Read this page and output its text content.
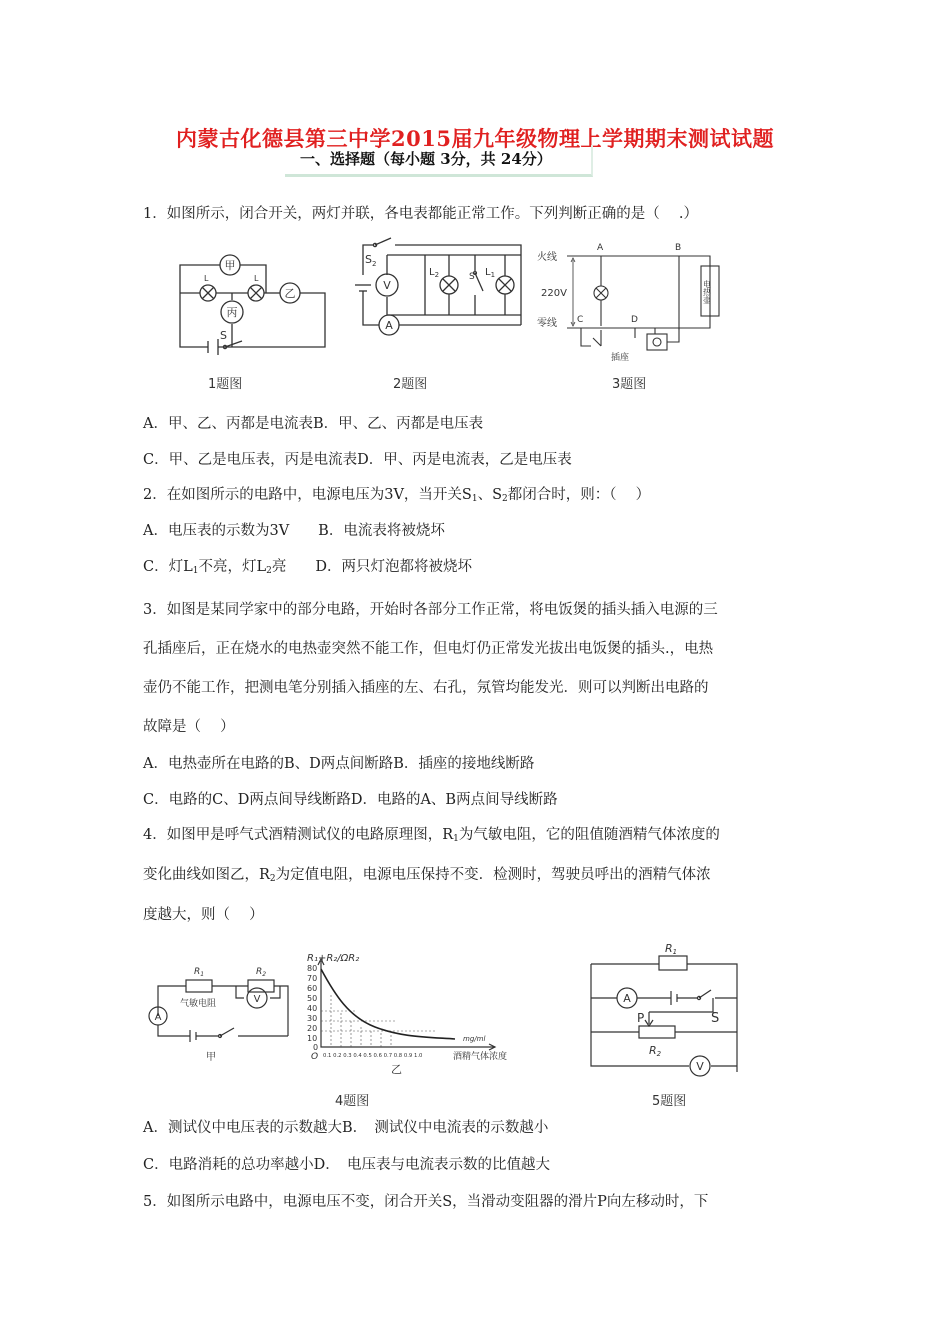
内蒙古化德县第三中学2015届九年级物理上学期期末测试试题
一、选择题（每小题 3分，共 24分）
1．如图所示，闭合开关，两灯并联，各电表都能正常工作。下列判断正确的是（　 .）
甲
乙
丙
L	L
S
$S_2$
V
A
$L_2$	S $L_1$
火线
零线
220V
A	B
C	D
插座
电热壶
1题图	2题图	3题图
A．甲、乙、丙都是电流表B．甲、乙、丙都是电压表
C．甲、乙是电压表，丙是电流表D．甲、丙是电流表，乙是电压表
2．在如图所示的电路中，电源电压为3V，当开关$S_1$、$S_2$都闭合时，则：（　 ）
A．电压表的示数为3V　　B．电流表将被烧坏
C．灯$L_1$不亮，灯$L_2$亮　　D．两只灯泡都将被烧坏
3．如图是某同学家中的部分电路，开始时各部分工作正常，将电饭煲的插头插入电源的三
孔插座后，正在烧水的电热壶突然不能工作，但电灯仍正常发光拔出电饭煲的插头.，电热
壶仍不能工作，把测电笔分别插入插座的左、右孔，氖管均能发光．则可以判断出电路的
故障是（　 ）
A．电热壶所在电路的B、D两点间断路B．插座的接地线断路
C．电路的C、D两点间导线断路D．电路的A、B两点间导线断路
4．如图甲是呼气式酒精测试仪的电路原理图，$R_1$为气敏电阻，它的阻值随酒精气体浓度的
变化曲线如图乙，$R_2$为定值电阻，电源电压保持不变．检测时，驾驶员呼出的酒精气体浓
度越大，则（　 ）
$R_1$	$R_2$
气敏电阻
A
V
甲
R₁+R₂/ΩR₂
80
70
60
50
40
30
20
10
0
O 0.1 0.2 0.3 0.4 0.5 0.6 0.7 0.8 0.9 1.0
mg/ml
酒精气体浓度
乙
R1
A
S
P
R2
V
4题图	5题图
A．测试仪中电压表的示数越大B．　测试仪中电流表的示数越小
C．电路消耗的总功率越小D．　电压表与电流表示数的比值越大
5．如图所示电路中，电源电压不变，闭合开关S，当滑动变阻器的滑片P向左移动时，下
